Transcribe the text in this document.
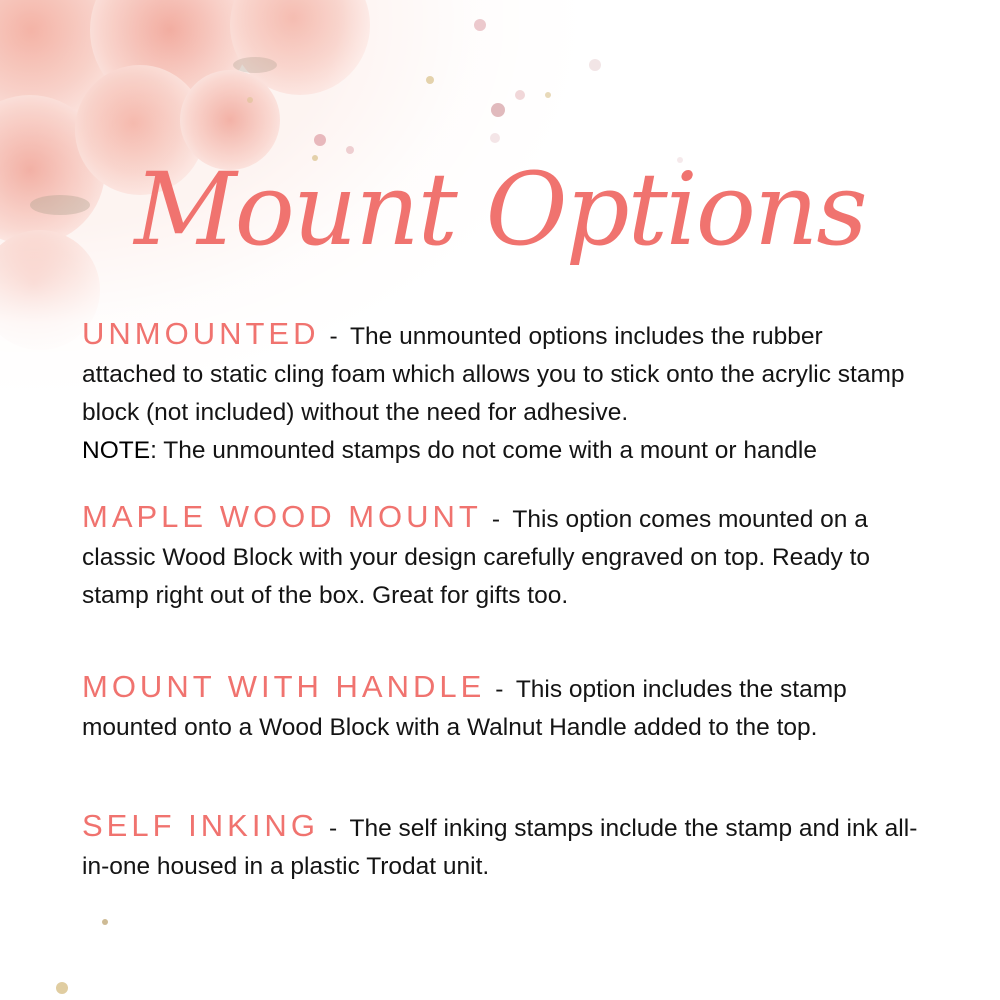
Mount Options
UNMOUNTED - The unmounted options includes the rubber attached to static cling foam which allows you to stick onto the acrylic stamp block (not included) without the need for adhesive.
NOTE: The unmounted stamps do not come with a mount or handle
MAPLE WOOD MOUNT - This option comes mounted on a classic Wood Block with your design carefully engraved on top. Ready to stamp right out of the box. Great for gifts too.
MOUNT WITH HANDLE - This option includes the stamp mounted onto a Wood Block with a Walnut Handle added to the top.
SELF INKING - The self inking stamps include the stamp and ink all-in-one housed in a plastic Trodat unit.
